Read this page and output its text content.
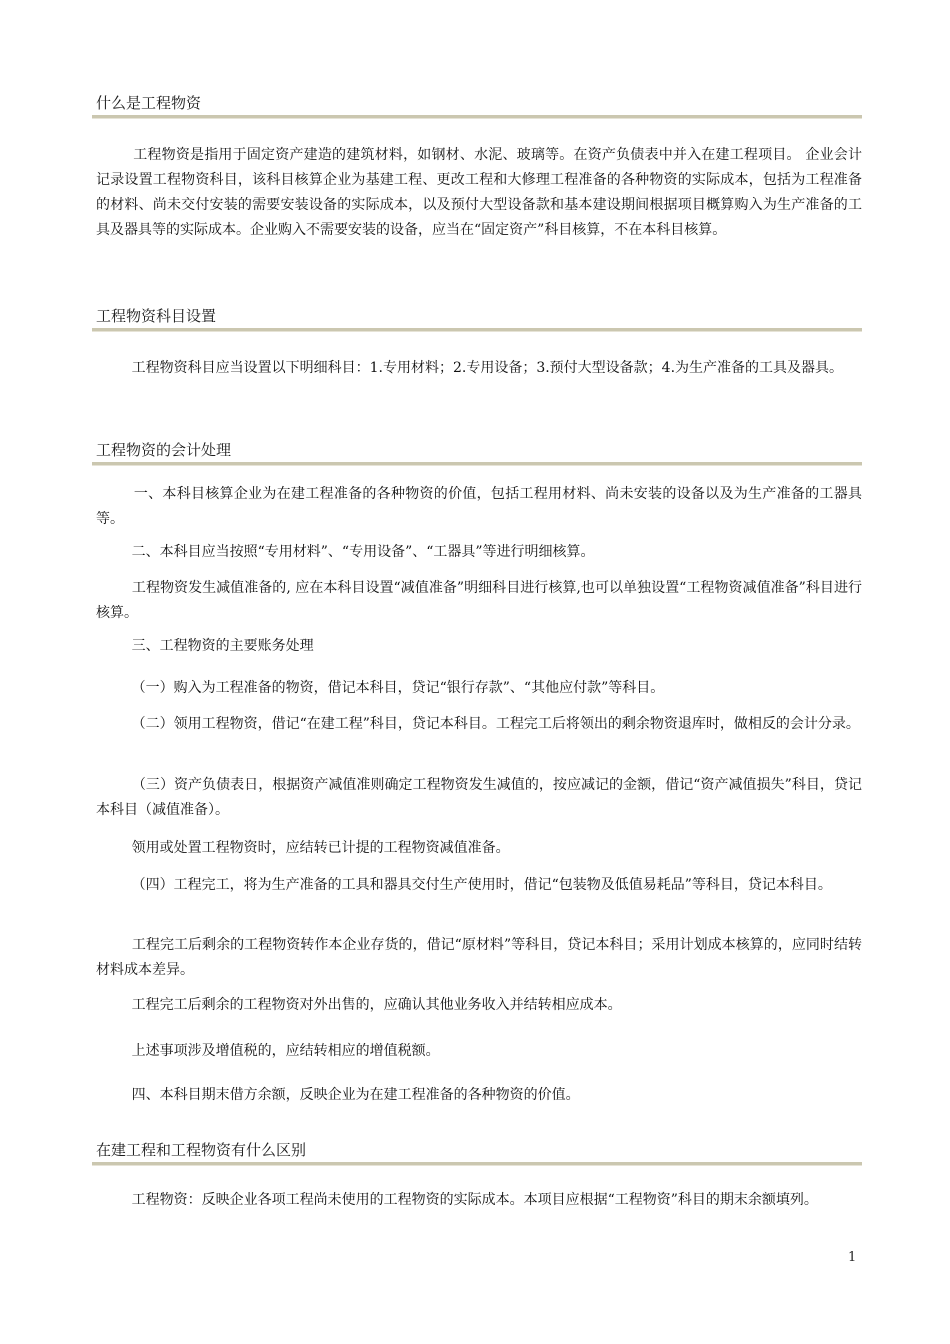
什么是工程物资

工程物资是指用于固定资产建造的建筑材料，如钢材、水泥、玻璃等。在资产负债表中并入在建工程项目。 企业会计记录设置工程物资科目，该科目核算企业为基建工程、更改工程和大修理工程准备的各种物资的实际成本，包括为工程准备的材料、尚未交付安装的需要安装设备的实际成本，以及预付大型设备款和基本建设期间根据项目概算购入为生产准备的工具及器具等的实际成本。企业购入不需要安装的设备，应当在“固定资产”科目核算，不在本科目核算。

工程物资科目设置

工程物资科目应当设置以下明细科目：1.专用材料；2.专用设备；3.预付大型设备款；4.为生产准备的工具及器具。

工程物资的会计处理

一、本科目核算企业为在建工程准备的各种物资的价值，包括工程用材料、尚未安装的设备以及为生产准备的工器具等。

二、本科目应当按照“专用材料”、“专用设备”、“工器具”等进行明细核算。

工程物资发生减值准备的, 应在本科目设置“减值准备”明细科目进行核算,也可以单独设置“工程物资减值准备”科目进行核算。

三、工程物资的主要账务处理

（一）购入为工程准备的物资，借记本科目，贷记“银行存款”、“其他应付款”等科目。

（二）领用工程物资，借记“在建工程”科目，贷记本科目。工程完工后将领出的剩余物资退库时，做相反的会计分录。

（三）资产负债表日，根据资产减值准则确定工程物资发生减值的，按应减记的金额，借记“资产减值损失”科目，贷记本科目（减值准备）。

领用或处置工程物资时，应结转已计提的工程物资减值准备。

（四）工程完工，将为生产准备的工具和器具交付生产使用时，借记“包装物及低值易耗品”等科目，贷记本科目。

工程完工后剩余的工程物资转作本企业存货的，借记“原材料”等科目，贷记本科目；采用计划成本核算的，应同时结转材料成本差异。

工程完工后剩余的工程物资对外出售的，应确认其他业务收入并结转相应成本。

上述事项涉及增值税的，应结转相应的增值税额。

四、本科目期末借方余额，反映企业为在建工程准备的各种物资的价值。

在建工程和工程物资有什么区别

工程物资：反映企业各项工程尚未使用的工程物资的实际成本。本项目应根据“工程物资”科目的期末余额填列。

1
